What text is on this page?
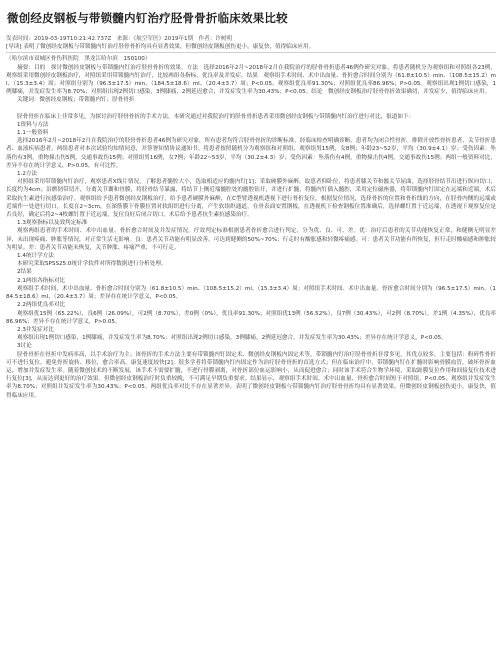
微创经皮钢板与带锁髓内钉治疗胫骨骨折临床效果比较
发表时间：2019-03-19T10:21:42.737Z 来源：《航空军医》2019年1期 作者：许树明
[导读] 表明了微创经皮钢板与带锁髓内钉治疗胫骨骨折均具有显著效果，但微创经皮钢板创伤更小，康复快，值得临床应用。
（哈尔滨市双城区骨伤科医院　黑龙江哈尔滨　150100）
摘要：目的　探讨微创经皮钢板与带锁髓内钉治疗胫骨骨折的效果。方法　选择2016年2月~2018年2月在我院治疗的胫骨骨折患者46例作研究对象，将患者随机分为观察组和对照组各23例，观察组采用微创经皮钢板治疗，对照组采用带锁髓内钉治疗，比较两组各指标、优良率及并发症。结果　观察组手术时间、术中出血量、骨折愈合时间分别为（61.8±10.5）min、（108.5±15.2）ml、（15.3±3.4）周；对照组分别为（96.5±17.5）min、（184.5±18.6）ml、（20.4±3.7）周；P<0.05。观察组优良率91.30%；对照组优良率86.96%；P>0.05。观察组出现1例切口感染，1例膝痛，并发症发生率为8.70%；对照组出现2例切口感染，3例膝痛，2例延迟愈合，并发症发生率为30.43%；P<0.05。结论　微创经皮钢板治疗胫骨骨折效果确切，并发症少，值得临床应用。
关键词：微创经皮钢板；带锁髓内钉；胫骨骨折
胫骨骨折在临床上非常多见，为探讨治疗胫骨骨折的手术方法，本研究通过对我院治疗的胫骨骨折患者采用微创经皮钢板与带锁髓内钉治疗进行对比，报道如下：
1资料与方法
1.1一般资料
选择2016年2月~2018年2月在我院治疗的胫骨骨折患者46例为研究对象，所有患者均符合胫骨骨折的诊断标准，经临床检查明确诊断。患者均为闭合性骨折。排除开放性骨折患者、关节骨折患者、血液疾病患者。两组患者对本次试验均知情同意，并签署知情协议通知书。将患者按照随机分为观察组和对照组，观察组男15例，女8例；年龄23~52岁，平均（30.9±4.1）岁；受伤因素：坠落伤有3例，重物撞击伤5例，交通事故伤15例；对照组男16例，女7例；年龄22~53岁，平均（30.2±4.3）岁；受伤因素：坠落伤有4例，重物撞击伤4例，交通事故伤15例；两组一般资料对比，差异不存在统计学意义，P>0.05，有可比性。
1.2方法
对照组采用带锁髓内钉治疗，观察患者X线片情况，了解患者髓腔大小，选取相适应的髓内钉[1]；采取硬膜外麻醉，取患者仰卧位，将患者膝关节和髋关节屈曲，选择胫骨结节出进行纵向切口，长度约为4cm；沿髌韧带切开，分离关节囊和骨膜，将胫骨结节暴露，将结节上侧近端髓腔处的髓腔钻开，并进行扩髓，将髓内钉插入髓腔，采用定位磁座器，将带锁髓内钉固定在远端和近端，术后采取抗生素进行抗感染治疗。观察组给予患者微创经皮钢板治疗，给予患者硬膜外麻醉，在C型臂透视机透视下进行骨折复位，根据复位情况，选择骨折的位置和骨折线的方向，在胫骨内侧的远端或近端作一处进行切口，长度在2~3cm，在深筋膜下骨膜位置对软组织进行分离，产生软组织通道，在骨表面安置钢板，在透视机下检查钢板位置准确后，选择螺钉置于近远端，在透视下观察复位是否良好，确定后将2~4枚螺钉置于近远端，复位良好后闭合切口。术后给予患者抗生素抗感染治疗。
1.3观察指标以及效判定标准
观察两组患者的手术时间、术中出血量、骨折愈合时间及并发症情况。疗效判定标准根据患者骨折愈合进行判定，分为优、良、可、差。优：治疗后患者的关节功能恢复正常，和健侧无明显差异，未出现疼痛、肿胀等情况，对正常生活无影响。良：患者关节功能有明显改善，可达到健侧的50%~70%；行走时有酸胀感和轻微疼痛感。可：患者关节功能有所恢复，但行走时酸痛感和肿胀较为明显。差：患者关节功能未恢复，关节肿胀、疼痛严重，不可行走。
1.4统计学方法
本研究采取SPSS25.0统计学软件对所得数据进行分析处理。
2结果
2.1两组各指标对比
观察组手术时间、术中出血量、骨折愈合时间分别为（61.8±10.5）min、（108.5±15.2）ml、（15.3±3.4）周；对照组手术时间、术中出血量、骨折愈合时间分别为（96.5±17.5）min、（184.5±18.6）ml、（20.4±3.7）周；差异存在统计学意义，P<0.05。
2.2两组优良率对比
观察组优15例（65.22%），良6例（26.09%），可2例（8.70%），差0例（0%），优良率91.30%；对照组优13例（56.52%），良7例（30.43%），可2例（8.70%），差1例（4.35%），优良率86.96%；差异不存在统计学意义，P>0.05。
2.3并发症对比
观察组出现1例切口感染，1例膝痛，并发症发生率为8.70%；对照组出现2例切口感染，3例膝痛，2例延迟愈合，并发症发生率为30.43%；差异存在统计学意义，P<0.05。
3讨论
胫骨骨折在骨折中发病率高，以手术治疗为主；该骨折的手术方法主要有带锁髓内钉固定术、微创经皮钢板内固定术等，带锁髓内钉治疗胫骨骨折非常多见，其优点较多，主要包括：粉碎性骨折可不进行复位，避免骨折旋转、移位，愈合率高，康复速度较快[2]；很多学者将带锁髓内钉内固定作为治疗胫骨骨折的首选方式；但在临床治疗中，带锁髓内钉在扩髓时影响骨膜血管，破坏骨折血运，增加并发症发生率。随着微创技术的不断发展，该手术不需要扩髓，不进行骨膜剥离，对骨折部位血运影响小，从而促进愈合；同时该手术符合生物学环境，采取趾膜复位作用和间接复位技术进行复位[3]，从而达到更好的治疗效果。但微创经皮钢板治疗时负重较晚，不可满足早期负重要求。结果显示，观察组手术时间、术中出血量、骨折愈合时间短于对照组，P<0.05，观察组并发症发生率为8.70%；对照组并发症发生率为30.43%；P<0.05。两组优良率对比不存在显著差异。表明了微创经皮钢板与带锁髓内钉治疗胫骨骨折均具有显著效果，但微创经皮钢板创伤更小，康复快，值得临床应用。
